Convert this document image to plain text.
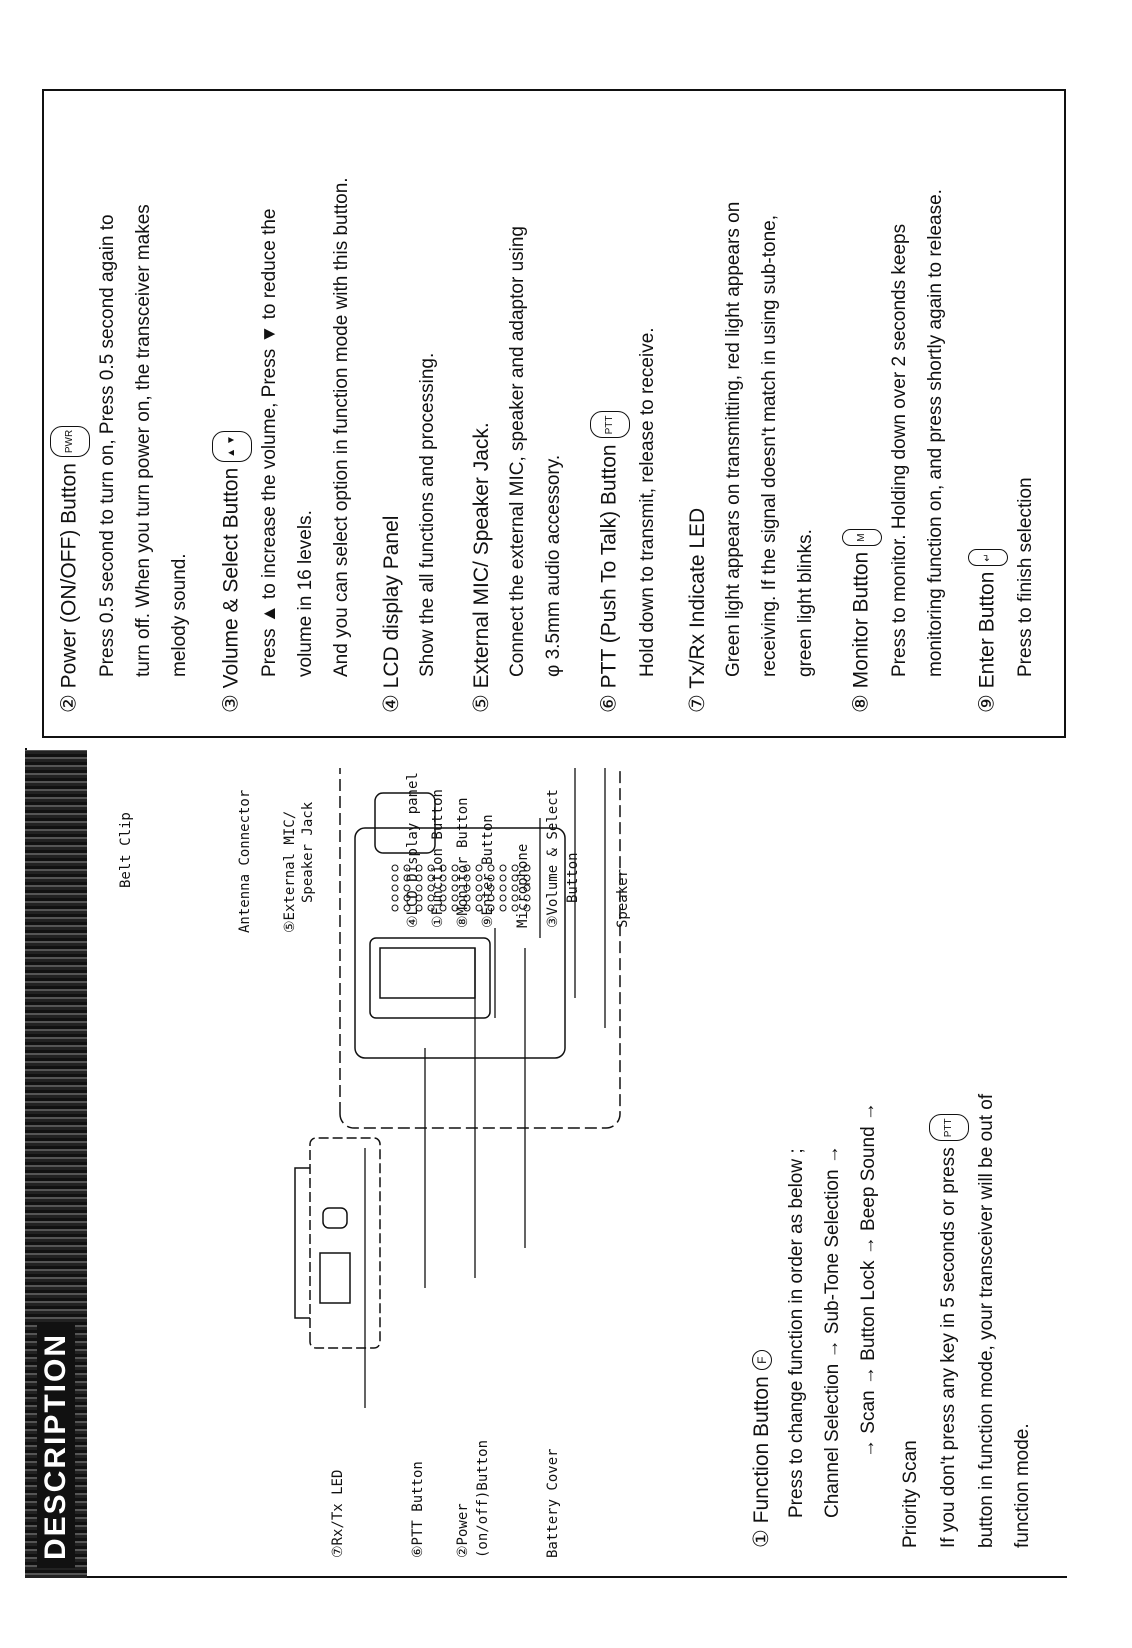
DESCRIPTION
Belt Clip	Antenna Connector ⑤External MIC/ Speaker Jack	④LCD Display panel ①Function Button ⑧Monitor Button ⑨Enter Button Microphone ③Volume & Select Button Speaker
⑦Rx/Tx LED	⑥PTT Button ②Power (on/off)Button	Battery Cover	① Function ButtonF Press to change function in order as below ; Channel Selection → Sub-Tone Selection → → Scan → Button Lock → Beep Sound →
Priority Scan If you don't press any key in 5 seconds or pressPTT	button in function mode, your transceiver will be out of function mode.
② Power (ON/OFF) ButtonPWR	Press 0.5 second to turn on, Press 0.5 second again to turn off. When you turn power on, the transceiver makes melody sound.	③ Volume & Select Button▲ ▼	Press ▲ to increase the volume, Press ▼ to reduce the volume in 16 levels. And you can select option in function mode with this button.	④ LCD display Panel Show the all functions and processing.	⑤ External MIC/ Speaker Jack. Connect the external MIC, speaker and adaptor using φ 3.5mm audio accessory.	⑥ PTT (Push To Talk) ButtonPTT	Hold down to transmit, release to receive.	⑦ Tx/Rx Indicate LED Green light appears on transmitting, red light appears on receiving. If the signal doesn't match in using sub-tone, green light blinks.	⑧ Monitor ButtonM	Press to monitor. Holding down over 2 seconds keeps monitoring function on, and press shortly again to release.	⑨ Enter Button↵	Press to finish selection
